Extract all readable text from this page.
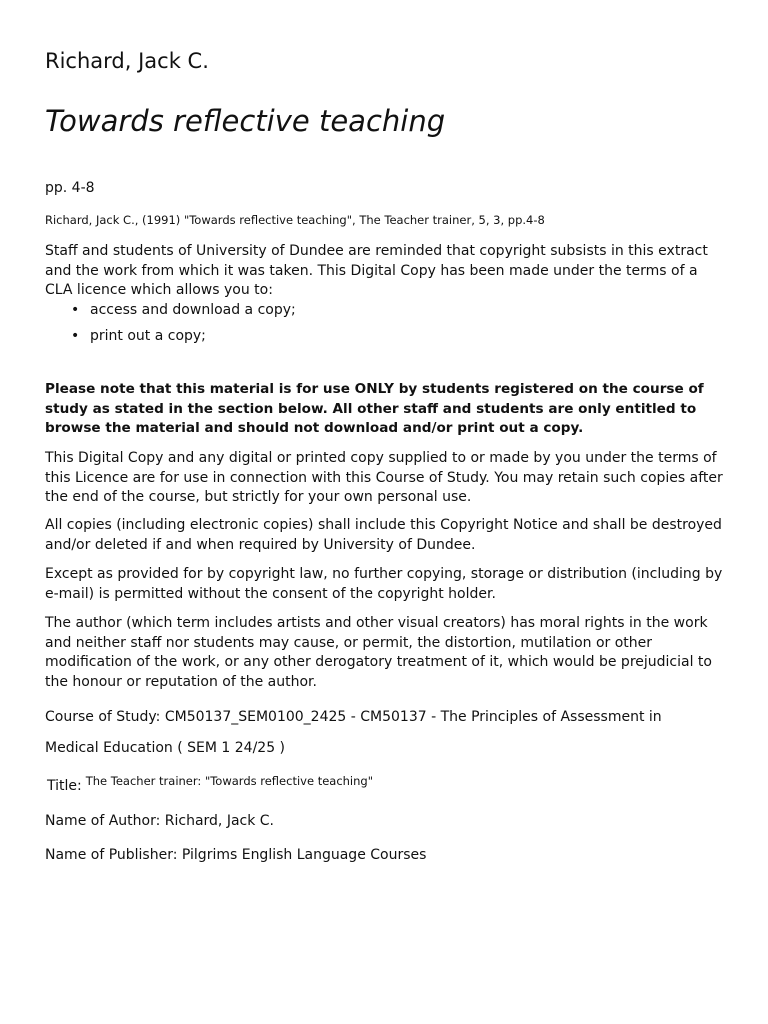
Richard, Jack C.
Towards reflective teaching

pp. 4-8

Richard, Jack C., (1991) "Towards reflective teaching", The Teacher trainer, 5, 3, pp.4-8

Staff and students of University of Dundee are reminded that copyright subsists in this extract and the work from which it was taken. This Digital Copy has been made under the terms of a CLA licence which allows you to:

• access and download a copy;
• print out a copy;

Please note that this material is for use ONLY by students registered on the course of study as stated in the section below. All other staff and students are only entitled to browse the material and should not download and/or print out a copy.

This Digital Copy and any digital or printed copy supplied to or made by you under the terms of this Licence are for use in connection with this Course of Study. You may retain such copies after the end of the course, but strictly for your own personal use.

All copies (including electronic copies) shall include this Copyright Notice and shall be destroyed and/or deleted if and when required by University of Dundee.

Except as provided for by copyright law, no further copying, storage or distribution (including by e-mail) is permitted without the consent of the copyright holder.

The author (which term includes artists and other visual creators) has moral rights in the work and neither staff nor students may cause, or permit, the distortion, mutilation or other modification of the work, or any other derogatory treatment of it, which would be prejudicial to the honour or reputation of the author.

Course of Study: CM50137_SEM0100_2425 - CM50137 - The Principles of Assessment in

Medical Education ( SEM 1 24/25 )

Title: $^{The Teacher trainer: "Towards reflective teaching"}$

Name of Author: Richard, Jack C.

Name of Publisher: Pilgrims English Language Courses
